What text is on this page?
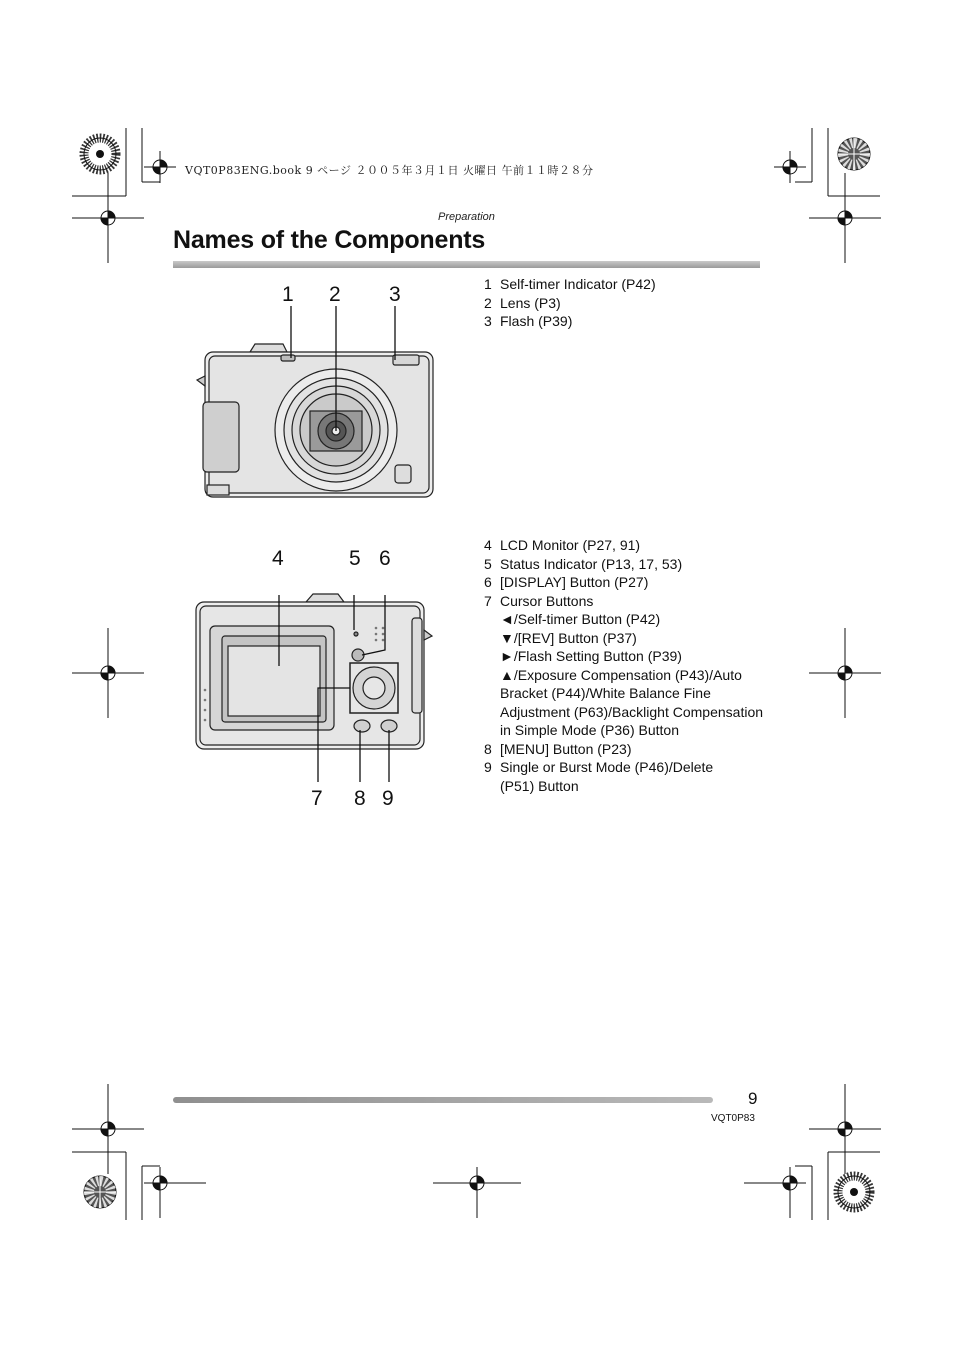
VQT0P83ENG.book 9 ページ ２００５年３月１日 火曜日 午前１１時２８分
Preparation
Names of the Components
1 2 3	1 Self-timer Indicator (P42)
2 Lens (P3)
3 Flash (P39)
4	5 6
7 8 9
4 LCD Monitor (P27, 91)
5 Status Indicator (P13, 17, 53)
6 [DISPLAY] Button (P27)
7 Cursor Buttons
◄/Self-timer Button (P42)
▼/[REV] Button (P37)
►/Flash Setting Button (P39)
▲/Exposure Compensation (P43)/Auto Bracket (P44)/White Balance Fine Adjustment (P63)/Backlight Compensation in Simple Mode (P36) Button
8 [MENU] Button (P23)
9 Single or Burst Mode (P46)/Delete (P51) Button
9
VQT0P83
